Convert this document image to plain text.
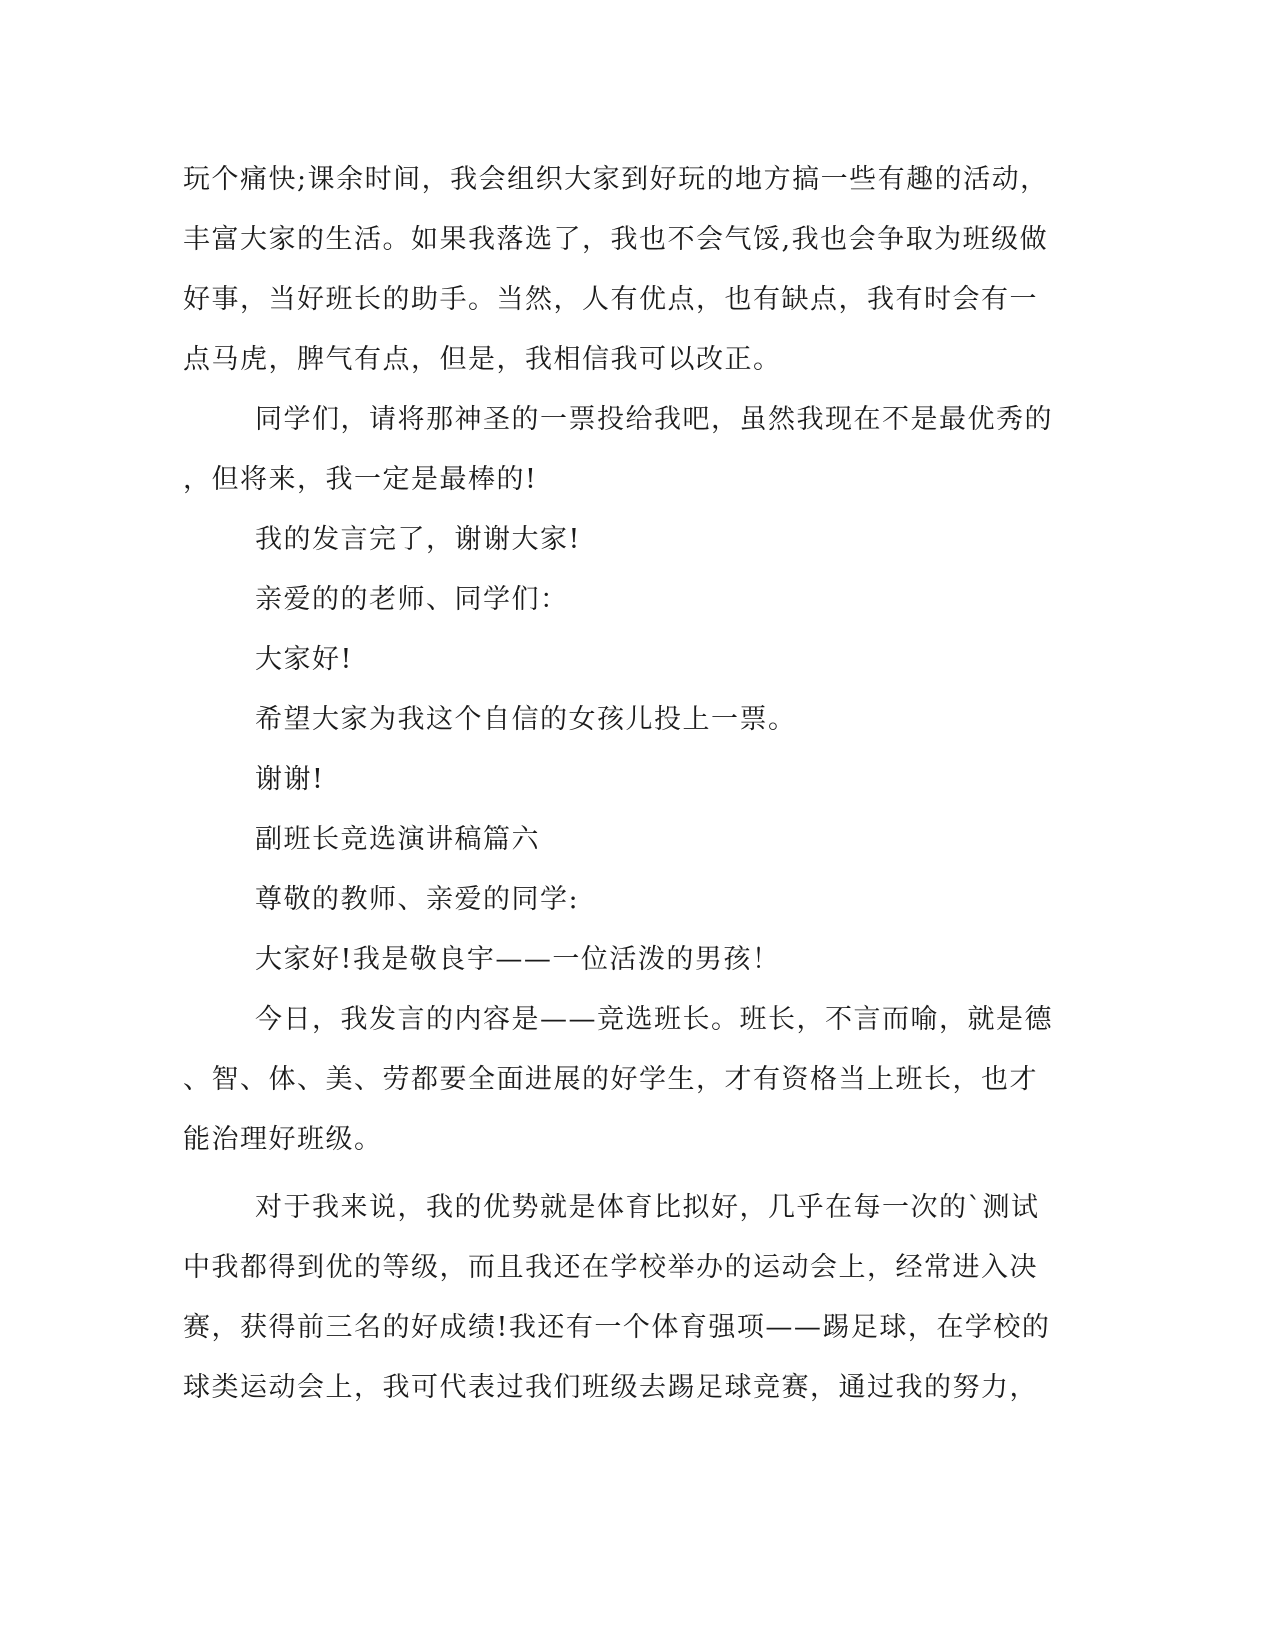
玩个痛快;课余时间，我会组织大家到好玩的地方搞一些有趣的活动，
丰富大家的生活。如果我落选了，我也不会气馁,我也会争取为班级做
好事，当好班长的助手。当然，人有优点，也有缺点，我有时会有一
点马虎，脾气有点，但是，我相信我可以改正。
同学们，请将那神圣的一票投给我吧，虽然我现在不是最优秀的
，但将来，我一定是最棒的!
我的发言完了，谢谢大家!
亲爱的的老师、同学们：
大家好!
希望大家为我这个自信的女孩儿投上一票。
谢谢!
副班长竞选演讲稿篇六
尊敬的教师、亲爱的同学:
大家好!我是敬良宇——一位活泼的男孩！
今日，我发言的内容是——竞选班长。班长，不言而喻，就是德
、智、体、美、劳都要全面进展的好学生，才有资格当上班长，也才
能治理好班级。
对于我来说，我的优势就是体育比拟好，几乎在每一次的`测试
中我都得到优的等级，而且我还在学校举办的运动会上，经常进入决
赛，获得前三名的好成绩!我还有一个体育强项——踢足球，在学校的
球类运动会上，我可代表过我们班级去踢足球竞赛，通过我的努力，
